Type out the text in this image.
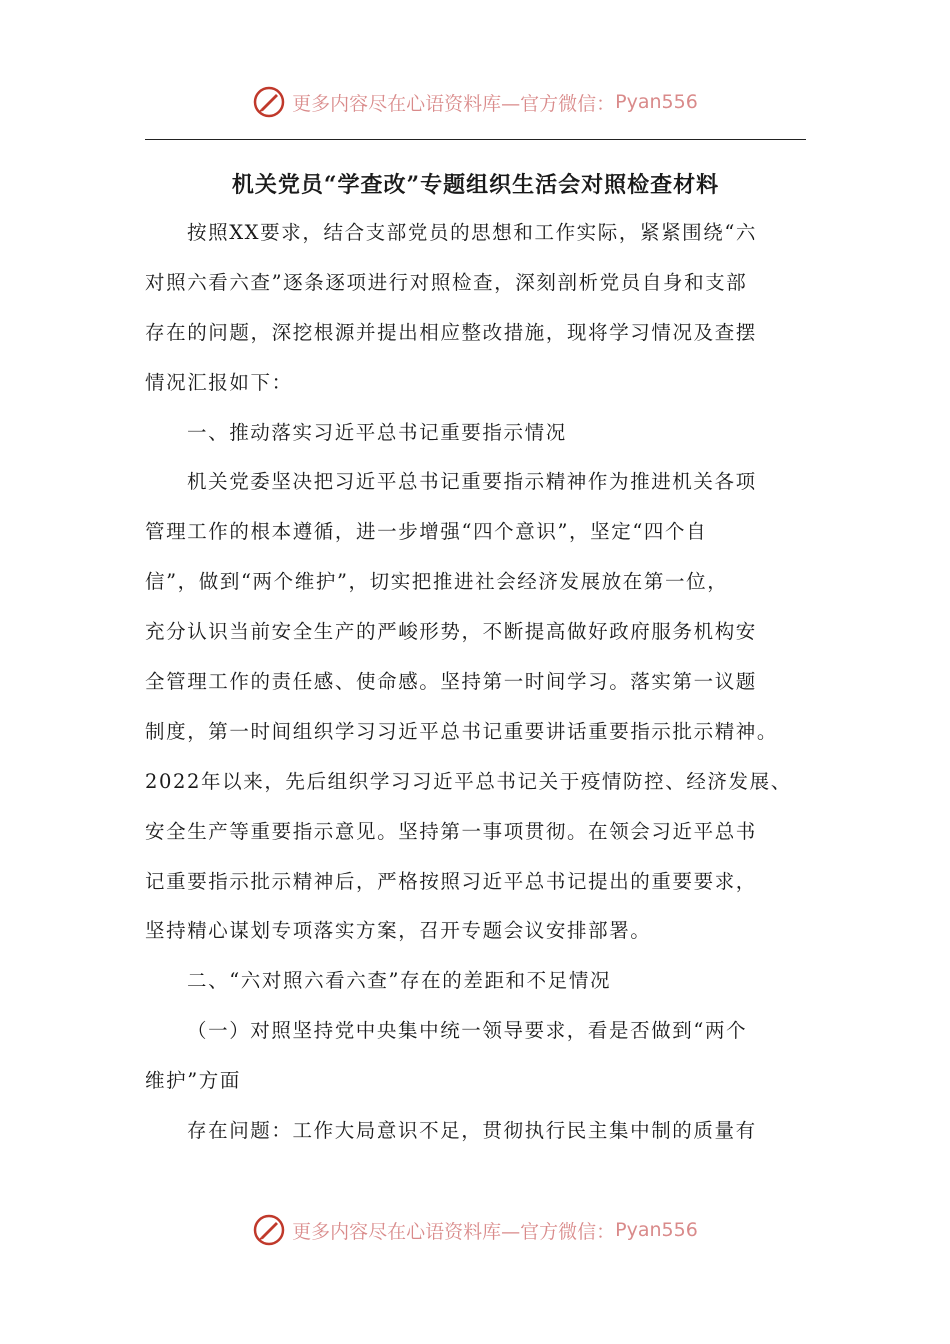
更多内容尽在心语资料库—官方微信： Pyan556
机关党员“学查改”专题组织生活会对照检查材料
按照XX要求，结合支部党员的思想和工作实际，紧紧围绕“六
对照六看六查”逐条逐项进行对照检查，深刻剖析党员自身和支部
存在的问题，深挖根源并提出相应整改措施，现将学习情况及查摆
情况汇报如下：
一、推动落实习近平总书记重要指示情况
机关党委坚决把习近平总书记重要指示精神作为推进机关各项
管理工作的根本遵循，进一步增强“四个意识”，坚定“四个自
信”，做到“两个维护”，切实把推进社会经济发展放在第一位，
充分认识当前安全生产的严峻形势，不断提高做好政府服务机构安
全管理工作的责任感、使命感。坚持第一时间学习。落实第一议题
制度，第一时间组织学习习近平总书记重要讲话重要指示批示精神。
2022年以来，先后组织学习习近平总书记关于疫情防控、经济发展、
安全生产等重要指示意见。坚持第一事项贯彻。在领会习近平总书
记重要指示批示精神后，严格按照习近平总书记提出的重要要求，
坚持精心谋划专项落实方案，召开专题会议安排部署。
二、“六对照六看六查”存在的差距和不足情况
（一）对照坚持党中央集中统一领导要求，看是否做到“两个
维护”方面
存在问题：工作大局意识不足，贯彻执行民主集中制的质量有
更多内容尽在心语资料库—官方微信： Pyan556
